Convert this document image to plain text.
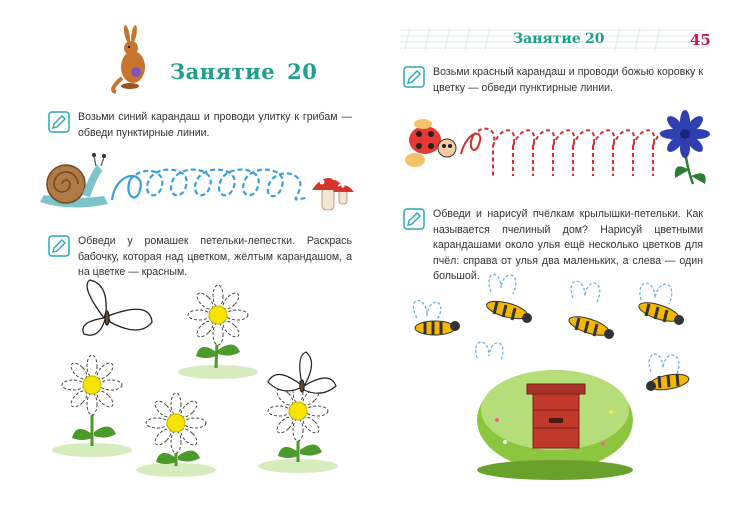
Занятие 20
Возьми синий карандаш и проводи улитку к грибам — обведи пунктирные линии.
Обведи у ромашек петельки-лепестки. Раскрась бабочку, которая над цветком, жёлтым карандашом, а на цветке — красным.
Занятие 20	45
Возьми красный карандаш и проводи божью коровку к цветку — обведи пунктирные линии.
Обведи и нарисуй пчёлкам крылышки-петельки. Как называется пчелиный дом? Нарисуй цветными карандашами около улья ещё несколько цветков для пчёл: справа от улья два маленьких, а слева — один большой.
